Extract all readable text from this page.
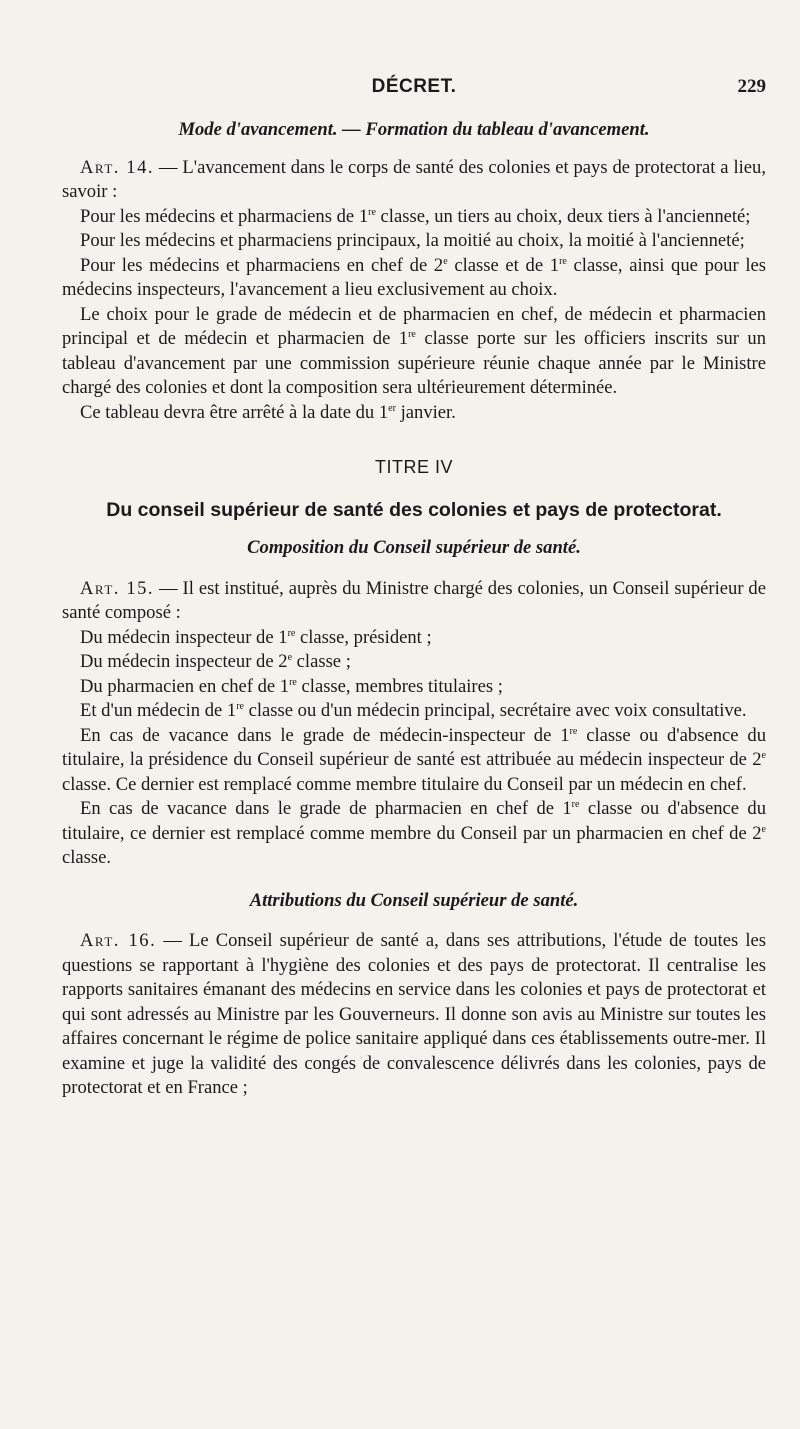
DÉCRET.	229
Mode d'avancement. — Formation du tableau d'avancement.

Art. 14. — L'avancement dans le corps de santé des colonies et pays de protectorat a lieu, savoir :

Pour les médecins et pharmaciens de 1re classe, un tiers au choix, deux tiers à l'ancienneté;

Pour les médecins et pharmaciens principaux, la moitié au choix, la moitié à l'ancienneté;

Pour les médecins et pharmaciens en chef de 2e classe et de 1re classe, ainsi que pour les médecins inspecteurs, l'avancement a lieu exclusivement au choix.

Le choix pour le grade de médecin et de pharmacien en chef, de médecin et pharmacien principal et de médecin et pharmacien de 1re classe porte sur les officiers inscrits sur un tableau d'avancement par une commission supérieure réunie chaque année par le Ministre chargé des colonies et dont la composition sera ultérieurement déterminée.

Ce tableau devra être arrêté à la date du 1er janvier.

TITRE IV
Du conseil supérieur de santé des colonies et pays de protectorat.
Composition du Conseil supérieur de santé.

Art. 15. — Il est institué, auprès du Ministre chargé des colonies, un Conseil supérieur de santé composé :

Du médecin inspecteur de 1re classe, président ;

Du médecin inspecteur de 2e classe ;

Du pharmacien en chef de 1re classe, membres titulaires ;

Et d'un médecin de 1re classe ou d'un médecin principal, secrétaire avec voix consultative.

En cas de vacance dans le grade de médecin-inspecteur de 1re classe ou d'absence du titulaire, la présidence du Conseil supérieur de santé est attribuée au médecin inspecteur de 2e classe. Ce dernier est remplacé comme membre titulaire du Conseil par un médecin en chef.

En cas de vacance dans le grade de pharmacien en chef de 1re classe ou d'absence du titulaire, ce dernier est remplacé comme membre du Conseil par un pharmacien en chef de 2e classe.

Attributions du Conseil supérieur de santé.

Art. 16. — Le Conseil supérieur de santé a, dans ses attributions, l'étude de toutes les questions se rapportant à l'hygiène des colonies et des pays de protectorat. Il centralise les rapports sanitaires émanant des médecins en service dans les colonies et pays de protectorat et qui sont adressés au Ministre par les Gouverneurs. Il donne son avis au Ministre sur toutes les affaires concernant le régime de police sanitaire appliqué dans ces établissements outre-mer. Il examine et juge la validité des congés de convalescence délivrés dans les colonies, pays de protectorat et en France ;
